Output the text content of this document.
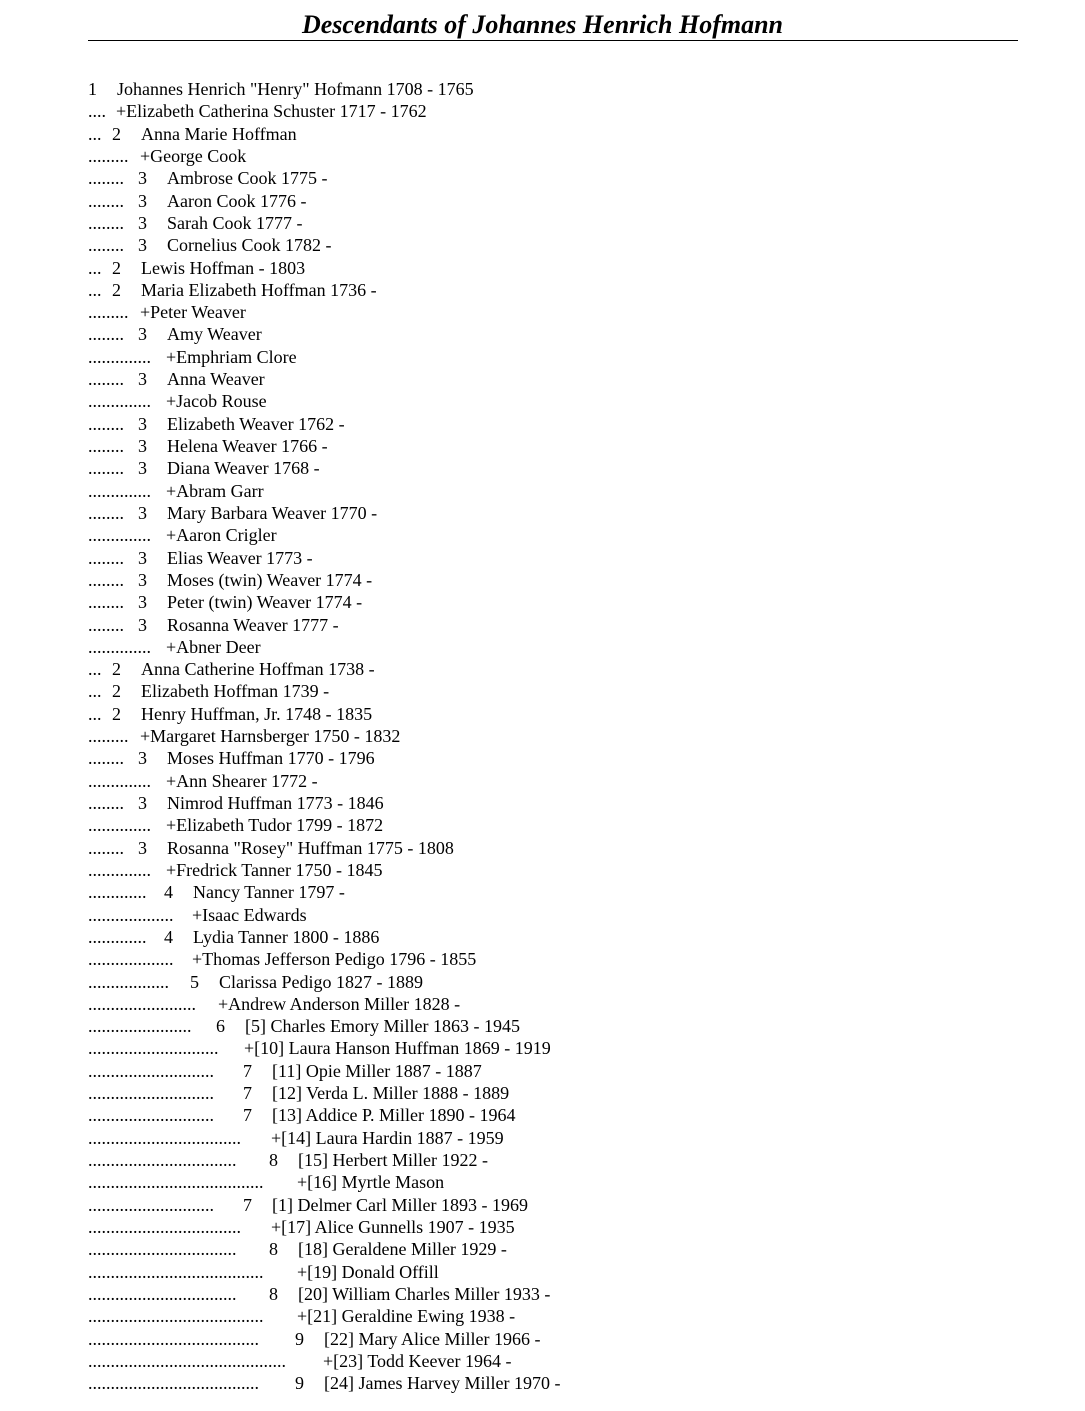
Descendants of Johannes Henrich Hofmann
1 Johannes Henrich "Henry" Hofmann 1708 - 1765
.... +Elizabeth Catherina Schuster 1717 - 1762
... 2 Anna Marie Hoffman
......... +George Cook
........ 3 Ambrose Cook 1775 -
........ 3 Aaron Cook 1776 -
........ 3 Sarah Cook 1777 -
........ 3 Cornelius Cook 1782 -
... 2 Lewis Hoffman - 1803
... 2 Maria Elizabeth Hoffman 1736 -
......... +Peter Weaver
........ 3 Amy Weaver
.............. +Emphriam Clore
........ 3 Anna Weaver
.............. +Jacob Rouse
........ 3 Elizabeth Weaver 1762 -
........ 3 Helena Weaver 1766 -
........ 3 Diana Weaver 1768 -
.............. +Abram Garr
........ 3 Mary Barbara Weaver 1770 -
.............. +Aaron Crigler
........ 3 Elias Weaver 1773 -
........ 3 Moses (twin) Weaver 1774 -
........ 3 Peter (twin) Weaver 1774 -
........ 3 Rosanna Weaver 1777 -
.............. +Abner Deer
... 2 Anna Catherine Hoffman 1738 -
... 2 Elizabeth Hoffman 1739 -
... 2 Henry Huffman, Jr. 1748 - 1835
......... +Margaret Harnsberger 1750 - 1832
........ 3 Moses Huffman 1770 - 1796
.............. +Ann Shearer 1772 -
........ 3 Nimrod Huffman 1773 - 1846
.............. +Elizabeth Tudor 1799 - 1872
........ 3 Rosanna "Rosey" Huffman 1775 - 1808
.............. +Fredrick Tanner 1750 - 1845
............. 4 Nancy Tanner 1797 -
................... +Isaac Edwards
............. 4 Lydia Tanner 1800 - 1886
................... +Thomas Jefferson Pedigo 1796 - 1855
.................. 5 Clarissa Pedigo 1827 - 1889
........................ +Andrew Anderson Miller 1828 -
....................... 6 [5] Charles Emory Miller 1863 - 1945
............................. +[10] Laura Hanson Huffman 1869 - 1919
............................ 7 [11] Opie Miller 1887 - 1887
............................ 7 [12] Verda L. Miller 1888 - 1889
............................ 7 [13] Addice P. Miller 1890 - 1964
.................................. +[14] Laura Hardin 1887 - 1959
................................. 8 [15] Herbert Miller 1922 -
....................................... +[16] Myrtle Mason
............................ 7 [1] Delmer Carl Miller 1893 - 1969
.................................. +[17] Alice Gunnells 1907 - 1935
................................. 8 [18] Geraldene Miller 1929 -
....................................... +[19] Donald Offill
................................. 8 [20] William Charles Miller 1933 -
....................................... +[21] Geraldine Ewing 1938 -
...................................... 9 [22] Mary Alice Miller 1966 -
............................................ +[23] Todd Keever 1964 -
...................................... 9 [24] James Harvey Miller 1970 -
